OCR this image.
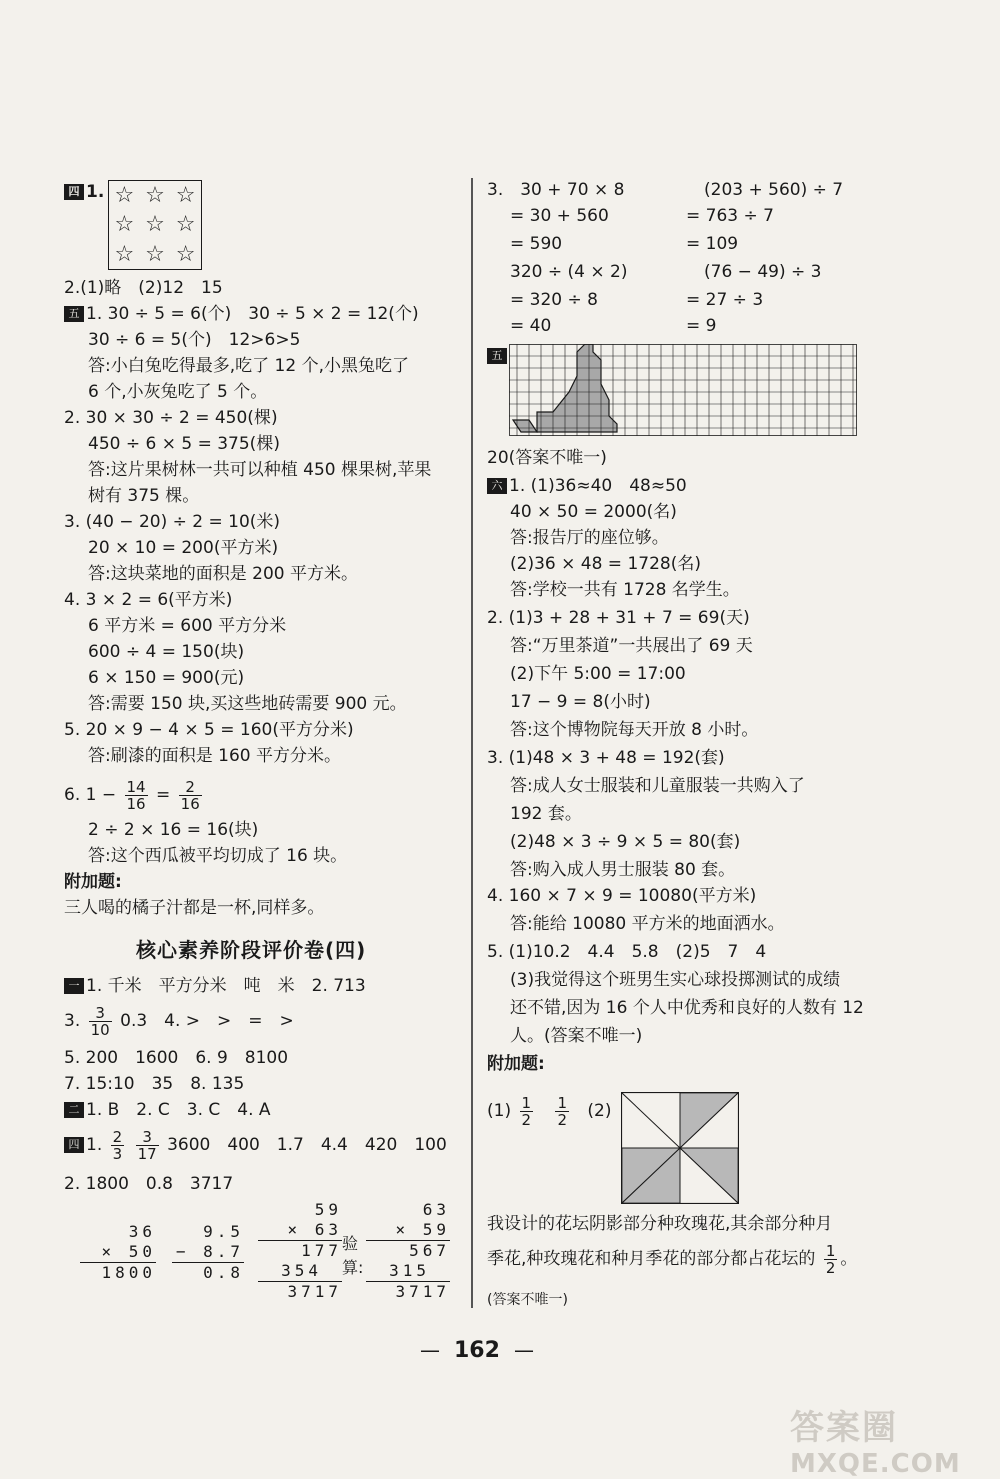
四 1. ☆ ☆ ☆
☆ ☆ ☆
☆ ☆ ☆
2.(1)略　(2)12　15
五 1. 30 ÷ 5 = 6(个)　30 ÷ 5 × 2 = 12(个)
30 ÷ 6 = 5(个)　12>6>5
答:小白兔吃得最多,吃了 12 个,小黑兔吃了
6 个,小灰兔吃了 5 个。
2. 30 × 30 ÷ 2 = 450(棵)
450 ÷ 6 × 5 = 375(棵)
答:这片果树林一共可以种植 450 棵果树,苹果
树有 375 棵。
3. (40 − 20) ÷ 2 = 10(米)
20 × 10 = 200(平方米)
答:这块菜地的面积是 200 平方米。
4. 3 × 2 = 6(平方米)
6 平方米 = 600 平方分米
600 ÷ 4 = 150(块)
6 × 150 = 900(元)
答:需要 150 块,买这些地砖需要 900 元。
5. 20 × 9 − 4 × 5 = 160(平方分米)
答:刷漆的面积是 160 平方分米。
6. $1 - \frac{14}{16} = \frac{2}{16}$
2 ÷ 2 × 16 = 16(块)
答:这个西瓜被平均切成了 16 块。
附加题:
三人喝的橘子汁都是一杯,同样多。
核心素养阶段评价卷(四)
一 1. 千米　平方分米　吨　米　2. 713
3. $\frac{3}{10} 0.3$　4. >　>　=　>
5. 200　1600　6. 9　8100
7. 15:10　35　8. 135
二 1. B　2. C　3. C　4. A
四 1. $\frac{2}{3}$
$\frac{3}{17} 3600$　400　1.7　4.4　420　100
2. 1800　0.8　3717
36
× 50
1800
9.5
− 8.7
0.8
59
× 63
177
354
3717
验算:
63
× 59
567
315
3717
3.　30 + 70 × 8	(203 + 560) ÷ 7
= 30 + 560	= 763 ÷ 7
= 590	= 109
320 ÷ (4 × 2)	(76 − 49) ÷ 3
= 320 ÷ 8	= 27 ÷ 3
= 40	= 9
五
20(答案不唯一)
六 1. (1)36≈40　48≈50
40 × 50 = 2000(名)
答:报告厅的座位够。
(2)36 × 48 = 1728(名)
答:学校一共有 1728 名学生。
2. (1)3 + 28 + 31 + 7 = 69(天)
答:“万里茶道”一共展出了 69 天
(2)下午 5:00 = 17:00
17 − 9 = 8(小时)
答:这个博物院每天开放 8 小时。
3. (1)48 × 3 + 48 = 192(套)
答:成人女士服装和儿童服装一共购入了
192 套。
(2)48 × 3 ÷ 9 × 5 = 80(套)
答:购入成人男士服装 80 套。
4. 160 × 7 × 9 = 10080(平方米)
答:能给 10080 平方米的地面洒水。
5. (1)10.2　4.4　5.8　(2)5　7　4
(3)我觉得这个班男生实心球投掷测试的成绩
还不错,因为 16 个人中优秀和良好的人数有 12
人。(答案不唯一)
附加题:
$(1) \frac{1}{2}$
$\frac{1}{2} (2)$
我设计的花坛阴影部分种玫瑰花,其余部分种月
季花,种玫瑰花和种月季花的部分都占花坛的 $\frac{1}{2}$ 。
(答案不唯一)
— 162 —
答案圈
MXQE.COM
